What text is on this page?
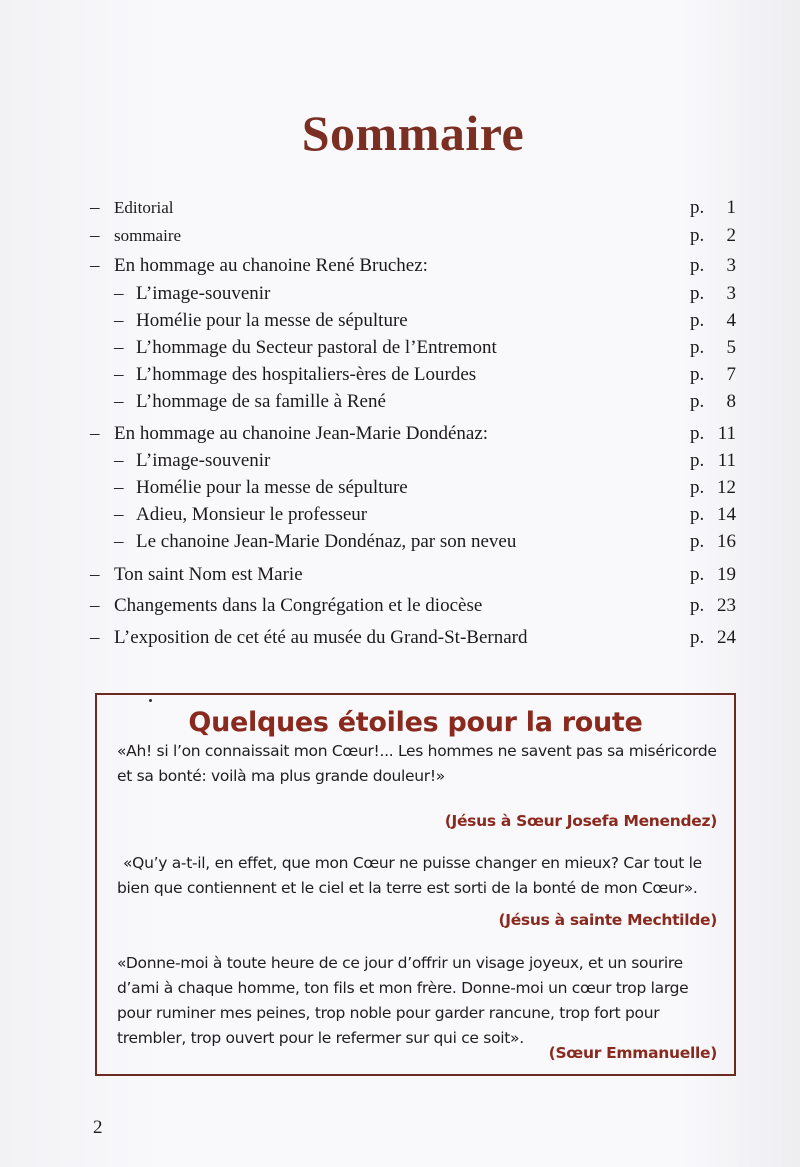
Sommaire
– Editorial	p. 1
– sommaire	p. 2
– En hommage au chanoine René Bruchez:	p. 3
– L’image-souvenir	p. 3
– Homélie pour la messe de sépulture	p. 4
– L’hommage du Secteur pastoral de l’Entremont	p. 5
– L’hommage des hospitaliers-ères de Lourdes	p. 7
– L’hommage de sa famille à René	p. 8
– En hommage au chanoine Jean-Marie Dondénaz:	p. 11
– L’image-souvenir	p. 11
– Homélie pour la messe de sépulture	p. 12
– Adieu, Monsieur le professeur	p. 14
– Le chanoine Jean-Marie Dondénaz, par son neveu	p. 16
– Ton saint Nom est Marie	p. 19
– Changements dans la Congrégation et le diocèse	p. 23
– L’exposition de cet été au musée du Grand-St-Bernard	p. 24
Quelques étoiles pour la route
«Ah! si l’on connaissait mon Cœur!... Les hommes ne savent pas sa miséricorde et sa bonté: voilà ma plus grande douleur!»
(Jésus à Sœur Josefa Menendez)
«Qu’y a-t-il, en effet, que mon Cœur ne puisse changer en mieux? Car tout le bien que contiennent et le ciel et la terre est sorti de la bonté de mon Cœur».
(Jésus à sainte Mechtilde)
«Donne-moi à toute heure de ce jour d’offrir un visage joyeux, et un sourire d’ami à chaque homme, ton fils et mon frère. Donne-moi un cœur trop large pour ruminer mes peines, trop noble pour garder rancune, trop fort pour trembler, trop ouvert pour le refermer sur qui ce soit».
(Sœur Emmanuelle)
2
